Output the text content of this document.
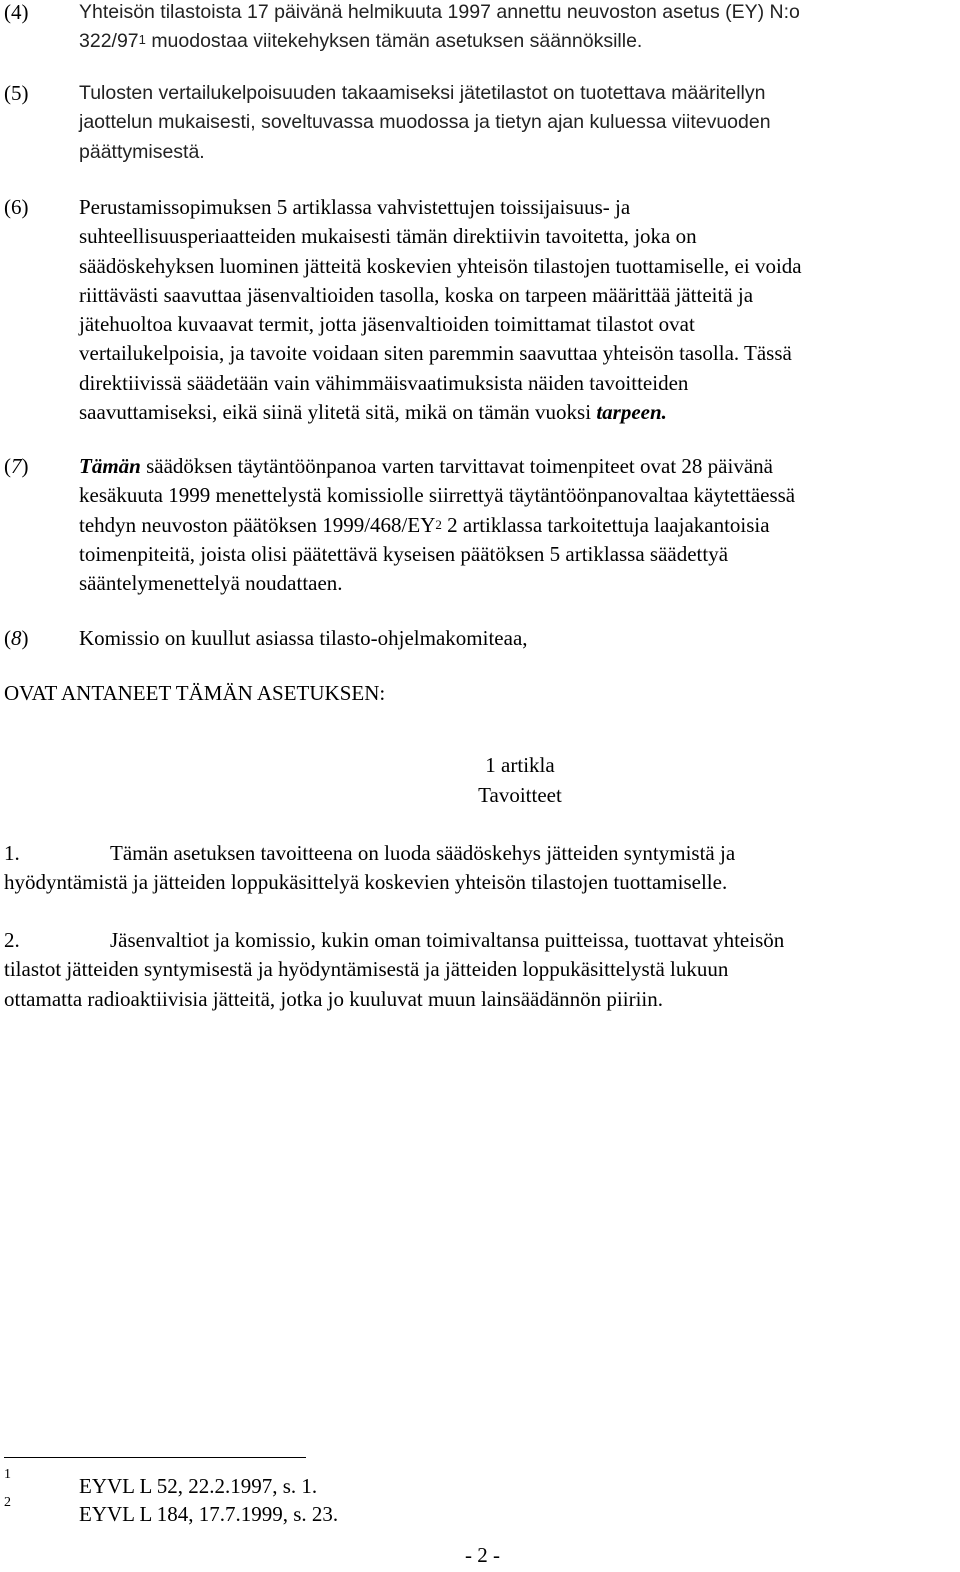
(4)	Yhteisön tilastoista 17 päivänä helmikuuta 1997 annettu neuvoston asetus (EY) N:o
$322/97^1$ muodostaa viitekehyksen tämän asetuksen säännöksille.
(5)	Tulosten vertailukelpoisuuden takaamiseksi jätetilastot on tuotettava määritellyn
jaottelun mukaisesti, soveltuvassa muodossa ja tietyn ajan kuluessa viitevuoden
päättymisestä.
(6) Perustamissopimuksen 5 artiklassa vahvistettujen toissijaisuus- ja
suhteellisuusperiaatteiden mukaisesti tämän direktiivin tavoitetta, joka on
säädöskehyksen luominen jätteitä koskevien yhteisön tilastojen tuottamiselle, ei voida
riittävästi saavuttaa jäsenvaltioiden tasolla, koska on tarpeen määrittää jätteitä ja
jätehuoltoa kuvaavat termit, jotta jäsenvaltioiden toimittamat tilastot ovat
vertailukelpoisia, ja tavoite voidaan siten paremmin saavuttaa yhteisön tasolla. Tässä
direktiivissä säädetään vain vähimmäisvaatimuksista näiden tavoitteiden
saavuttamiseksi, eikä siinä ylitetä sitä, mikä on tämän vuoksi tarpeen.
(7) Tämän säädöksen täytäntöönpanoa varten tarvittavat toimenpiteet ovat 28 päivänä
kesäkuuta 1999 menettelystä komissiolle siirrettyä täytäntöönpanovaltaa käytettäessä
tehdyn neuvoston päätöksen $1999/468/EY^2$ 2 artiklassa tarkoitettuja laajakantoisia
toimenpiteitä, joista olisi päätettävä kyseisen päätöksen 5 artiklassa säädettyä
sääntelymenettelyä noudattaen.
(8) Komissio on kuullut asiassa tilasto-ohjelmakomiteaa,
OVAT ANTANEET TÄMÄN ASETUKSEN:
1 artikla
Tavoitteet
1.	Tämän asetuksen tavoitteena on luoda säädöskehys jätteiden syntymistä ja
hyödyntämistä ja jätteiden loppukäsittelyä koskevien yhteisön tilastojen tuottamiselle.
2.	Jäsenvaltiot ja komissio, kukin oman toimivaltansa puitteissa, tuottavat yhteisön
tilastot jätteiden syntymisestä ja hyödyntämisestä ja jätteiden loppukäsittelystä lukuun
ottamatta radioaktiivisia jätteitä, jotka jo kuuluvat muun lainsäädännön piiriin.
1	EYVL L 52, 22.2.1997, s. 1.
2	EYVL L 184, 17.7.1999, s. 23.
- 2 -
